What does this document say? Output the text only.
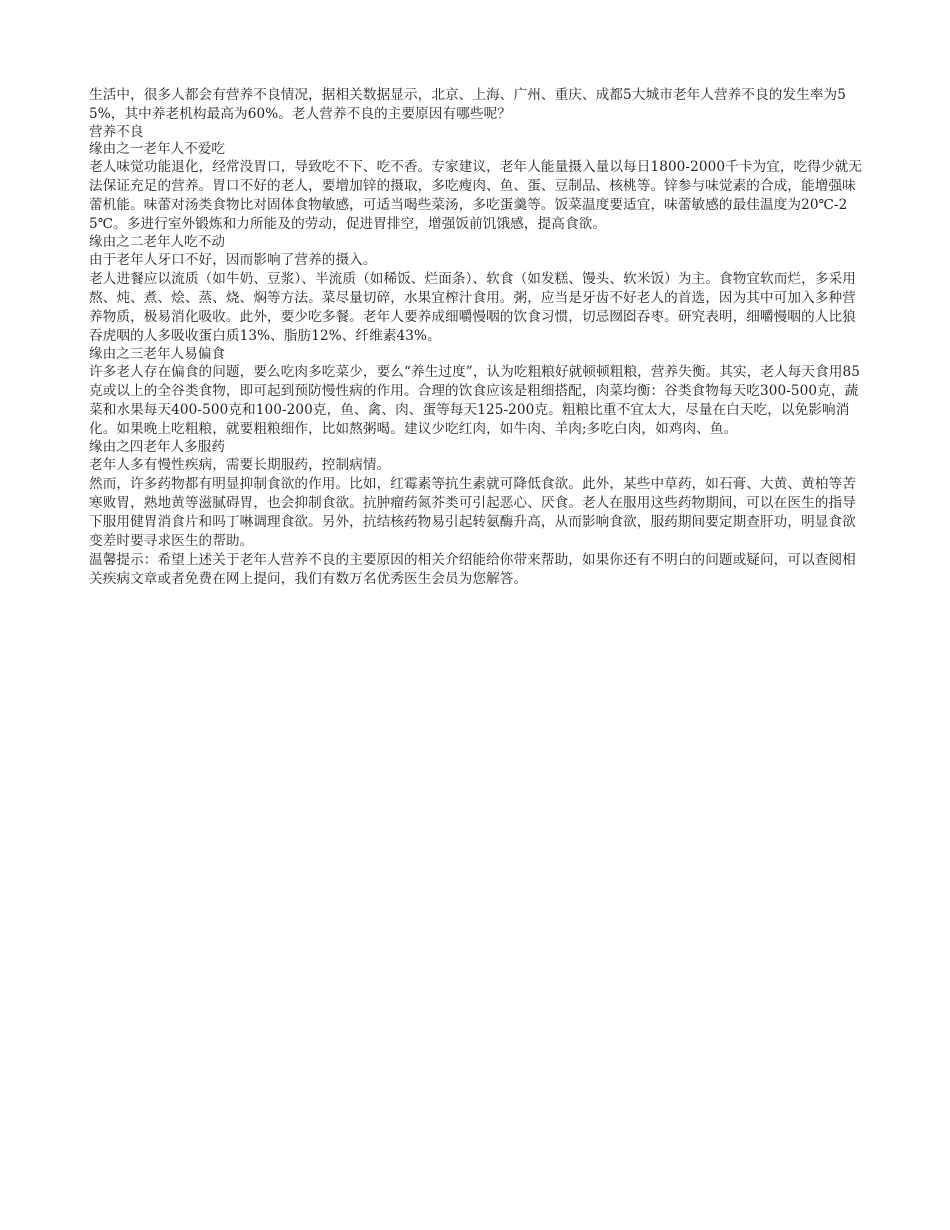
生活中，很多人都会有营养不良情况，据相关数据显示，北京、上海、广州、重庆、成都5大城市老年人营养不良的发生率为55%，其中养老机构最高为60%。老人营养不良的主要原因有哪些呢？

营养不良

缘由之一老年人不爱吃

老人味觉功能退化，经常没胃口，导致吃不下、吃不香。专家建议，老年人能量摄入量以每日1800-2000千卡为宜，吃得少就无法保证充足的营养。胃口不好的老人，要增加锌的摄取，多吃瘦肉、鱼、蛋、豆制品、核桃等。锌参与味觉素的合成，能增强味蕾机能。味蕾对汤类食物比对固体食物敏感，可适当喝些菜汤，多吃蛋羹等。饭菜温度要适宜，味蕾敏感的最佳温度为20℃-25℃。多进行室外锻炼和力所能及的劳动，促进胃排空，增强饭前饥饿感，提高食欲。

缘由之二老年人吃不动

由于老年人牙口不好，因而影响了营养的摄入。

老人进餐应以流质（如牛奶、豆浆）、半流质（如稀饭、烂面条）、软食（如发糕、馒头、软米饭）为主。食物宜软而烂，多采用熬、炖、煮、烩、蒸、烧、焖等方法。菜尽量切碎，水果宜榨汁食用。粥，应当是牙齿不好老人的首选，因为其中可加入多种营养物质，极易消化吸收。此外，要少吃多餐。老年人要养成细嚼慢咽的饮食习惯，切忌囫囵吞枣。研究表明，细嚼慢咽的人比狼吞虎咽的人多吸收蛋白质13%、脂肪12%、纤维素43%。

缘由之三老年人易偏食

许多老人存在偏食的问题，要么吃肉多吃菜少，要么“养生过度”，认为吃粗粮好就顿顿粗粮，营养失衡。其实，老人每天食用85克或以上的全谷类食物，即可起到预防慢性病的作用。合理的饮食应该是粗细搭配，肉菜均衡：谷类食物每天吃300-500克，蔬菜和水果每天400-500克和100-200克，鱼、禽、肉、蛋等每天125-200克。粗粮比重不宜太大，尽量在白天吃，以免影响消化。如果晚上吃粗粮，就要粗粮细作，比如熬粥喝。建议少吃红肉，如牛肉、羊肉;多吃白肉，如鸡肉、鱼。

缘由之四老年人多服药

老年人多有慢性疾病，需要长期服药，控制病情。

然而，许多药物都有明显抑制食欲的作用。比如，红霉素等抗生素就可降低食欲。此外，某些中草药，如石膏、大黄、黄柏等苦寒败胃，熟地黄等滋腻碍胃，也会抑制食欲。抗肿瘤药氮芥类可引起恶心、厌食。老人在服用这些药物期间，可以在医生的指导下服用健胃消食片和吗丁啉调理食欲。另外，抗结核药物易引起转氨酶升高，从而影响食欲，服药期间要定期查肝功，明显食欲变差时要寻求医生的帮助。

温馨提示：希望上述关于老年人营养不良的主要原因的相关介绍能给你带来帮助，如果你还有不明白的问题或疑问，可以查阅相关疾病文章或者免费在网上提问，我们有数万名优秀医生会员为您解答。
